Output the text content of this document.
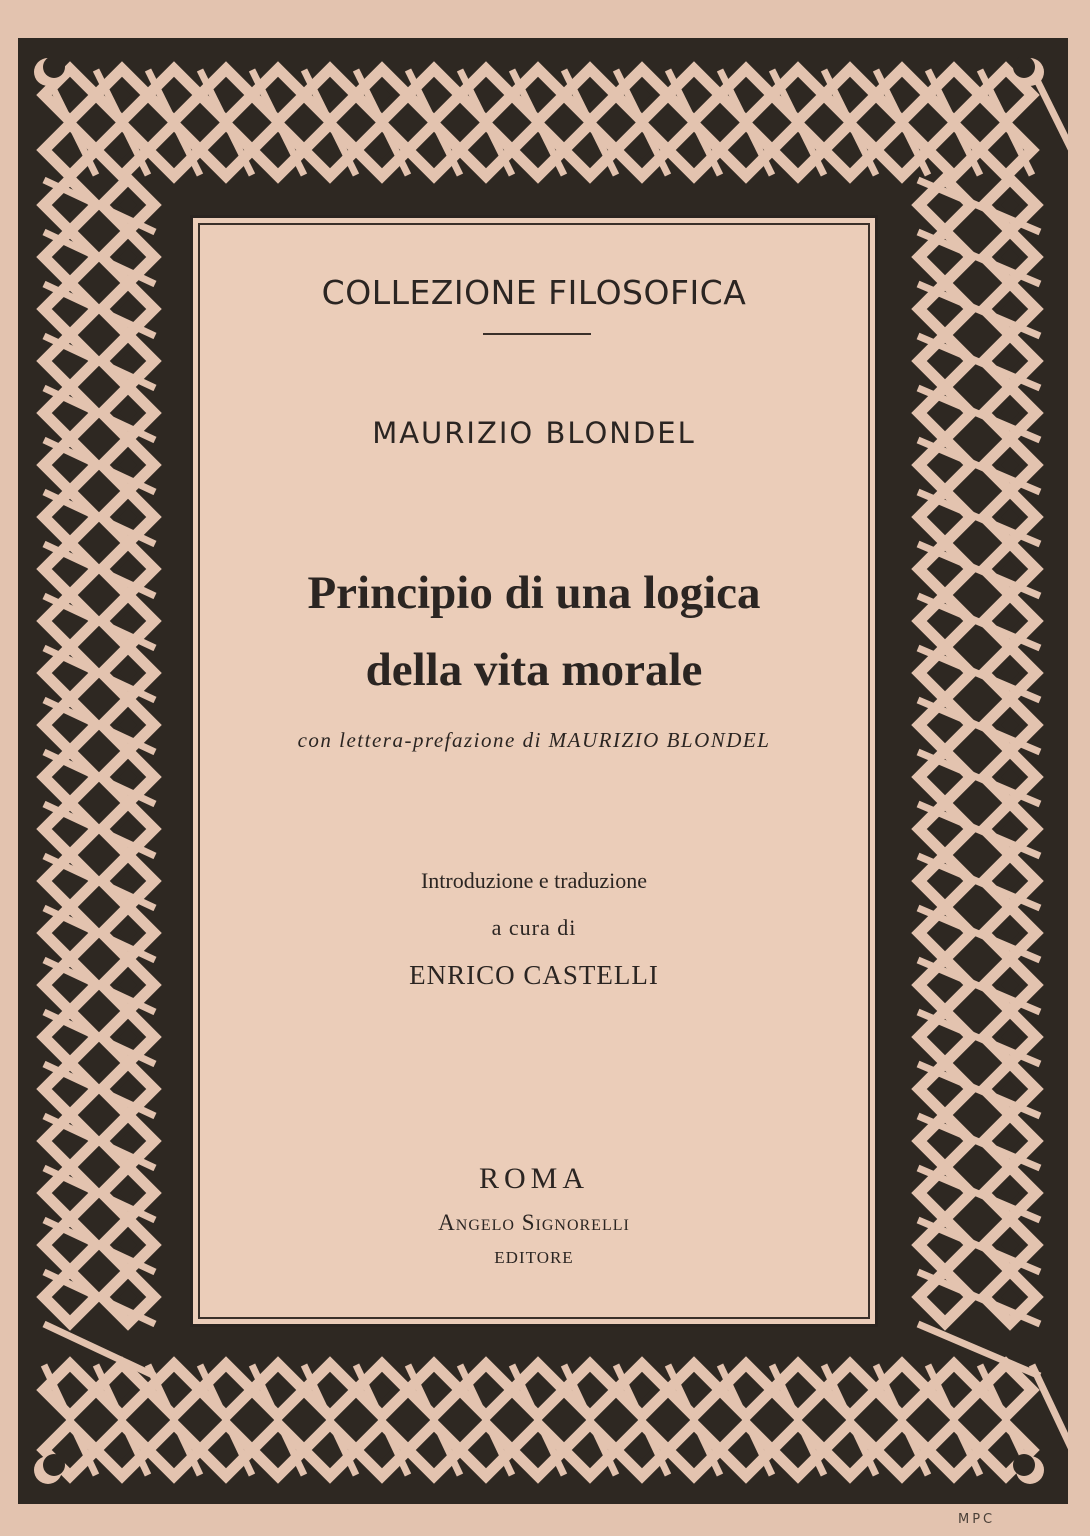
COLLEZIONE FILOSOFICA
MAURIZIO BLONDEL
Principio di una logica
della vita morale
con lettera-prefazione di MAURIZIO BLONDEL
Introduzione e traduzione
a cura di
ENRICO CASTELLI
ROMA
Angelo Signorelli
EDITORE
MPC
